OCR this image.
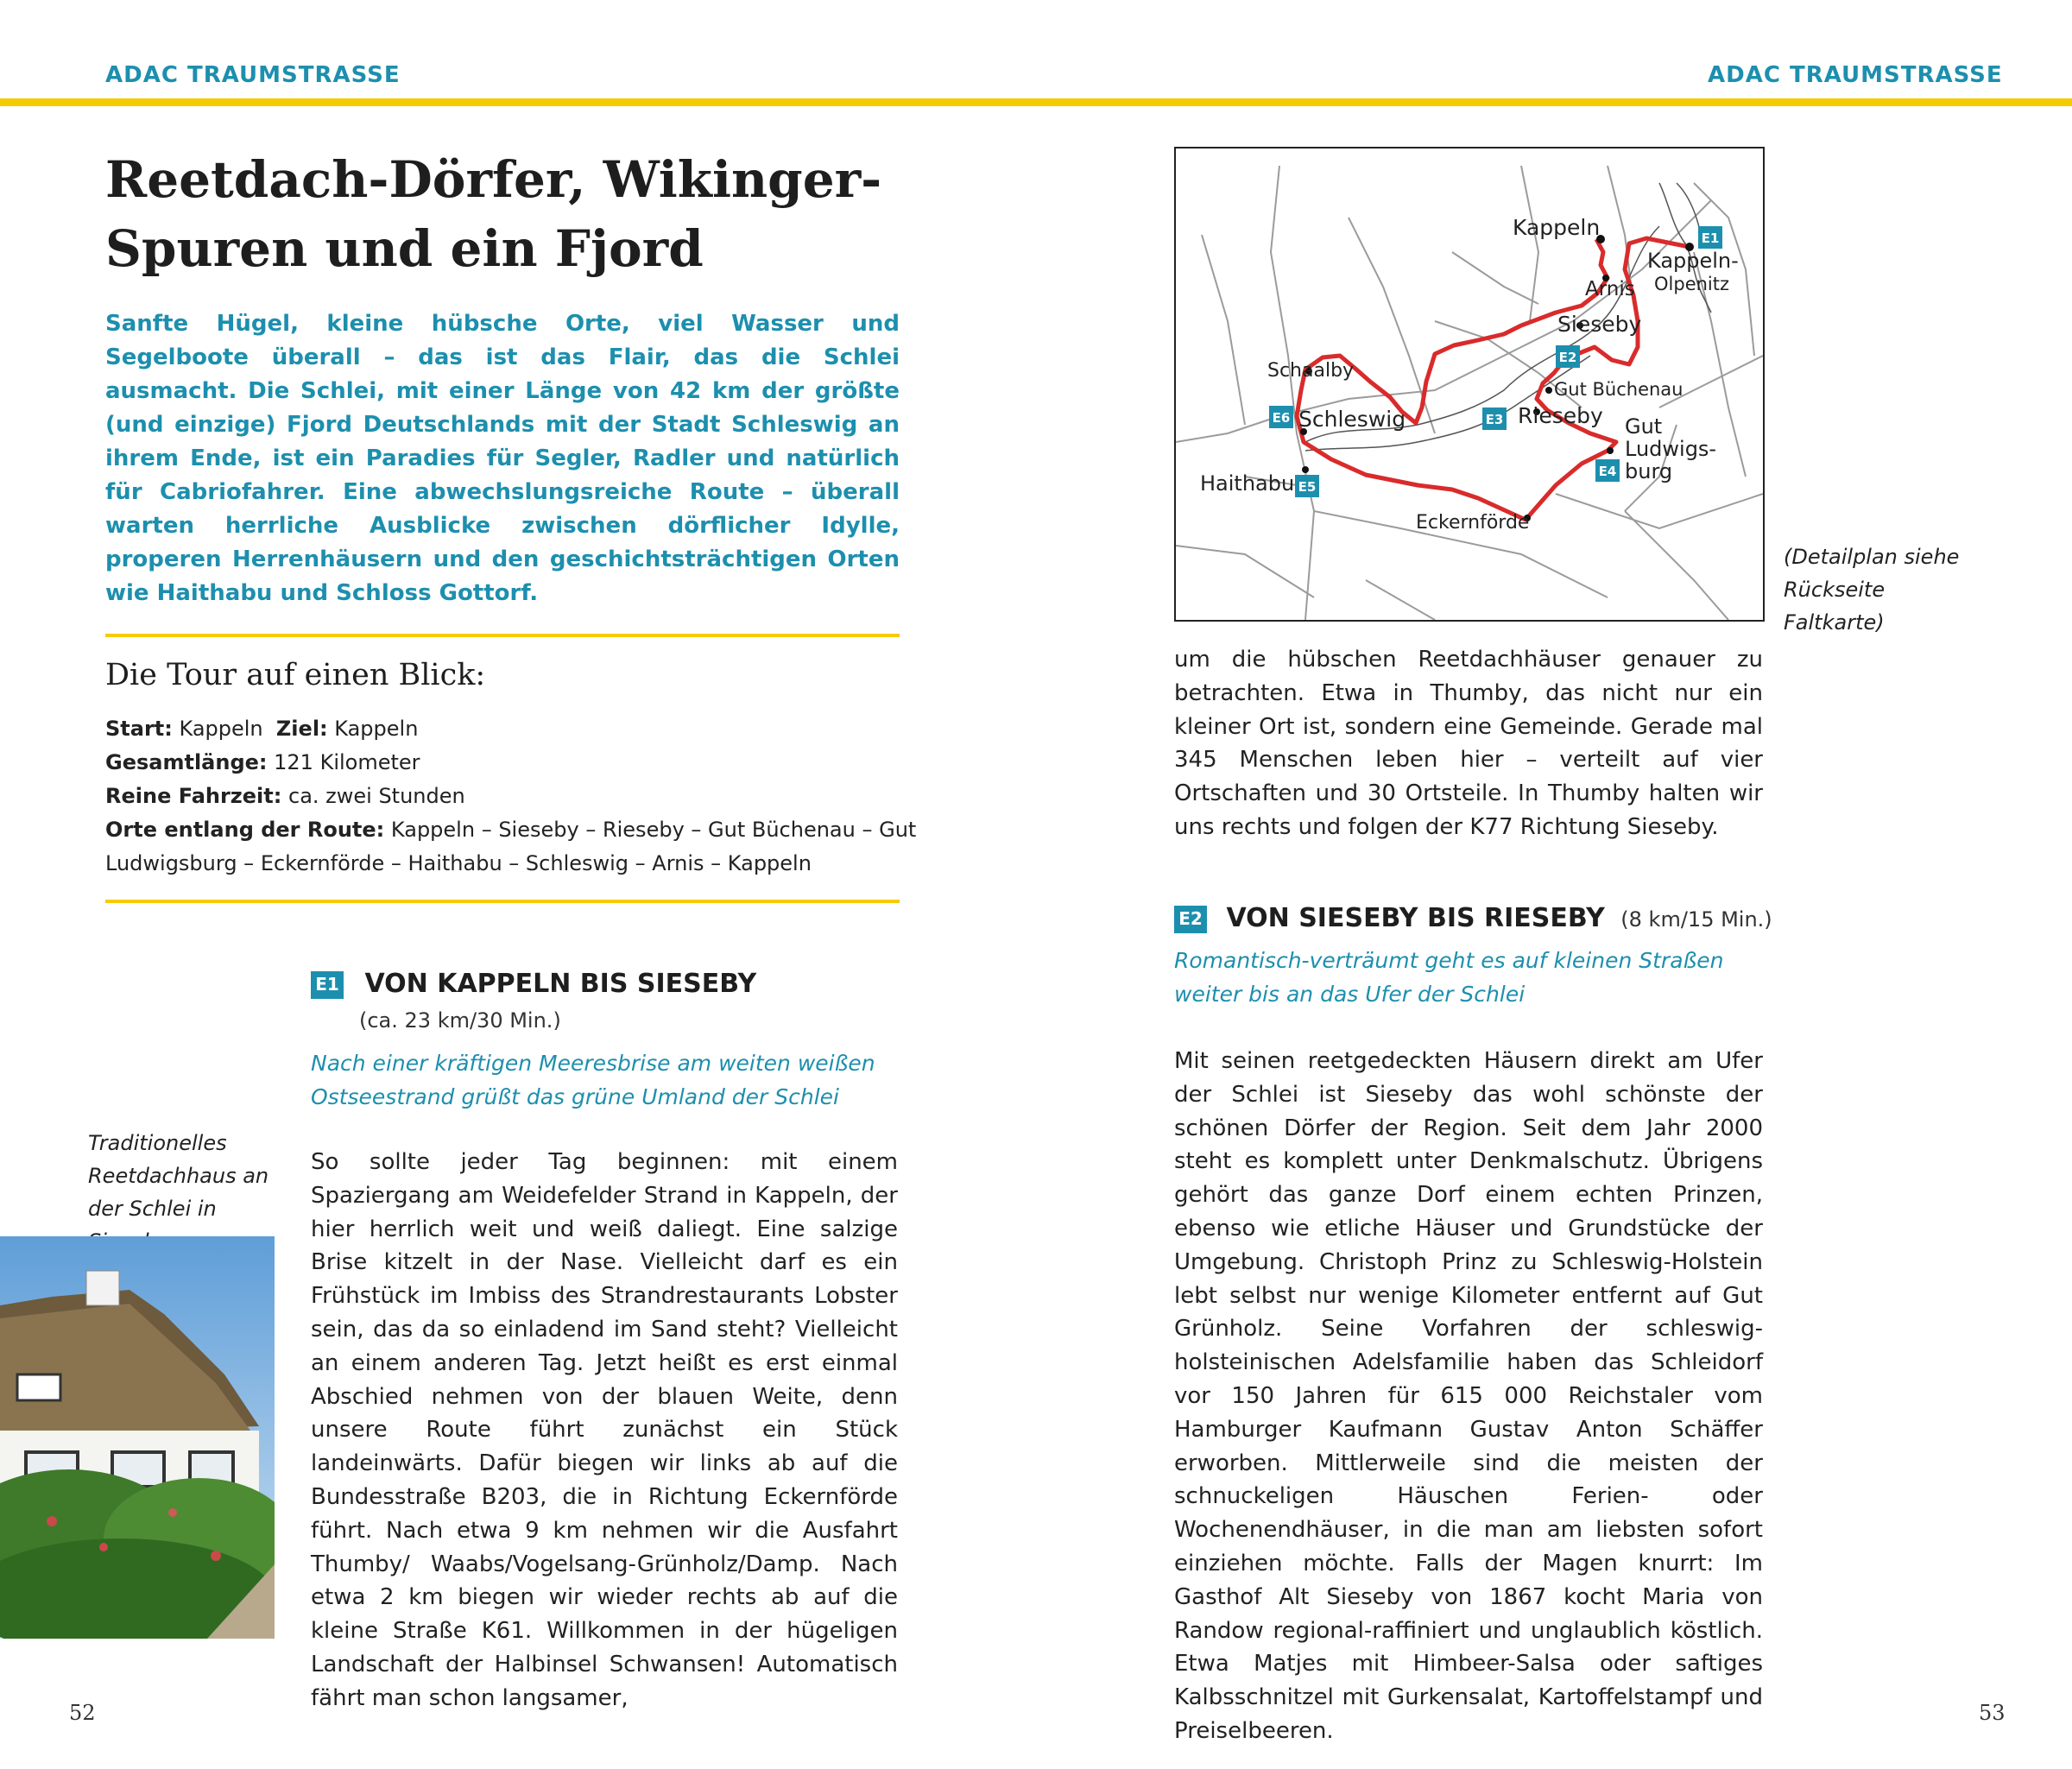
ADAC TRAUMSTRASSE	ADAC TRAUMSTRASSE
Reetdach-Dörfer, Wikinger-
Spuren und ein Fjord
Sanfte Hügel, kleine hübsche Orte, viel Wasser und Segelboote überall – das ist das Flair, das die Schlei ausmacht. Die Schlei, mit einer Länge von 42 km der größte (und einzige) Fjord Deutschlands mit der Stadt Schleswig an ihrem Ende, ist ein Paradies für Segler, Radler und natürlich für Cabriofahrer. Eine abwechslungsreiche Route – überall warten herrliche Ausblicke zwischen dörflicher Idylle, properen Herrenhäusern und den geschichtsträchtigen Orten wie Haithabu und Schloss Gottorf.
Die Tour auf einen Blick:
Start: Kappeln Ziel: Kappeln
Gesamtlänge: 121 Kilometer
Reine Fahrzeit: ca. zwei Stunden
Orte entlang der Route: Kappeln – Sieseby – Rieseby – Gut Büchenau – Gut
Ludwigsburg – Eckernförde – Haithabu – Schleswig – Arnis – Kappeln
E1 VON KAPPELN BIS SIESEBY
(ca. 23 km/30 Min.)
Nach einer kräftigen Meeresbrise am weiten weißen Ostseestrand grüßt das grüne Umland der Schlei
So sollte jeder Tag beginnen: mit einem Spaziergang am Weidefelder Strand in Kappeln, der hier herrlich weit und weiß daliegt. Eine salzige Brise kitzelt in der Nase. Vielleicht darf es ein Frühstück im Imbiss des Strandrestaurants Lobster sein, das da so einladend im Sand steht? Vielleicht an einem anderen Tag. Jetzt heißt es erst einmal Abschied nehmen von der blauen Weite, denn unsere Route führt zunächst ein Stück landeinwärts. Dafür biegen wir links ab auf die Bundesstraße B203, die in Richtung Eckernförde führt. Nach etwa 9 km nehmen wir die Ausfahrt Thumby/ Waabs/Vogelsang-Grünholz/Damp. Nach etwa 2 km biegen wir wieder rechts ab auf die kleine Straße K61. Willkommen in der hügeligen Landschaft der Halbinsel Schwansen! Automatisch fährt man schon langsamer,
Traditionelles Reetdachhaus an der Schlei in
E1
E2
E3
E4
E5
E6
Kappeln
Kappeln-
Olpenitz
Arnis
Sieseby
Schaalby
Gut Büchenau
Schleswig	Rieseby Gut
Ludwigs-
burg
Haithabu
Eckernförde
(Detailplan siehe Rückseite Faltkarte)
um die hübschen Reetdachhäuser genauer zu betrachten. Etwa in Thumby, das nicht nur ein kleiner Ort ist, sondern eine Gemeinde. Gerade mal 345 Menschen leben hier – verteilt auf vier Ortschaften und 30 Ortsteile. In Thumby halten wir uns rechts und folgen der K77 Richtung Sieseby.
E2 VON SIESEBY BIS RIESEBY (8 km/15 Min.)
Romantisch-verträumt geht es auf kleinen Straßen weiter bis an das Ufer der Schlei
Mit seinen reetgedeckten Häusern direkt am Ufer der Schlei ist Sieseby das wohl schönste der schönen Dörfer der Region. Seit dem Jahr 2000 steht es komplett unter Denkmalschutz. Übrigens gehört das ganze Dorf einem echten Prinzen, ebenso wie etliche Häuser und Grundstücke der Umgebung. Christoph Prinz zu Schleswig-Holstein lebt selbst nur wenige Kilometer entfernt auf Gut Grünholz. Seine Vorfahren der schleswig-holsteinischen Adelsfamilie haben das Schleidorf vor 150 Jahren für 615 000 Reichstaler vom Hamburger Kaufmann Gustav Anton Schäffer erworben. Mittlerweile sind die meisten der schnuckeligen Häuschen Ferien- oder Wochenendhäuser, in die man am liebsten sofort einziehen möchte. Falls der Magen knurrt: Im Gasthof Alt Sieseby von 1867 kocht Maria von Randow regional-raffiniert und unglaublich köstlich. Etwa Matjes mit Himbeer-Salsa oder saftiges Kalbsschnitzel mit Gurkensalat, Kartoffelstampf und Preiselbeeren.
52	53
